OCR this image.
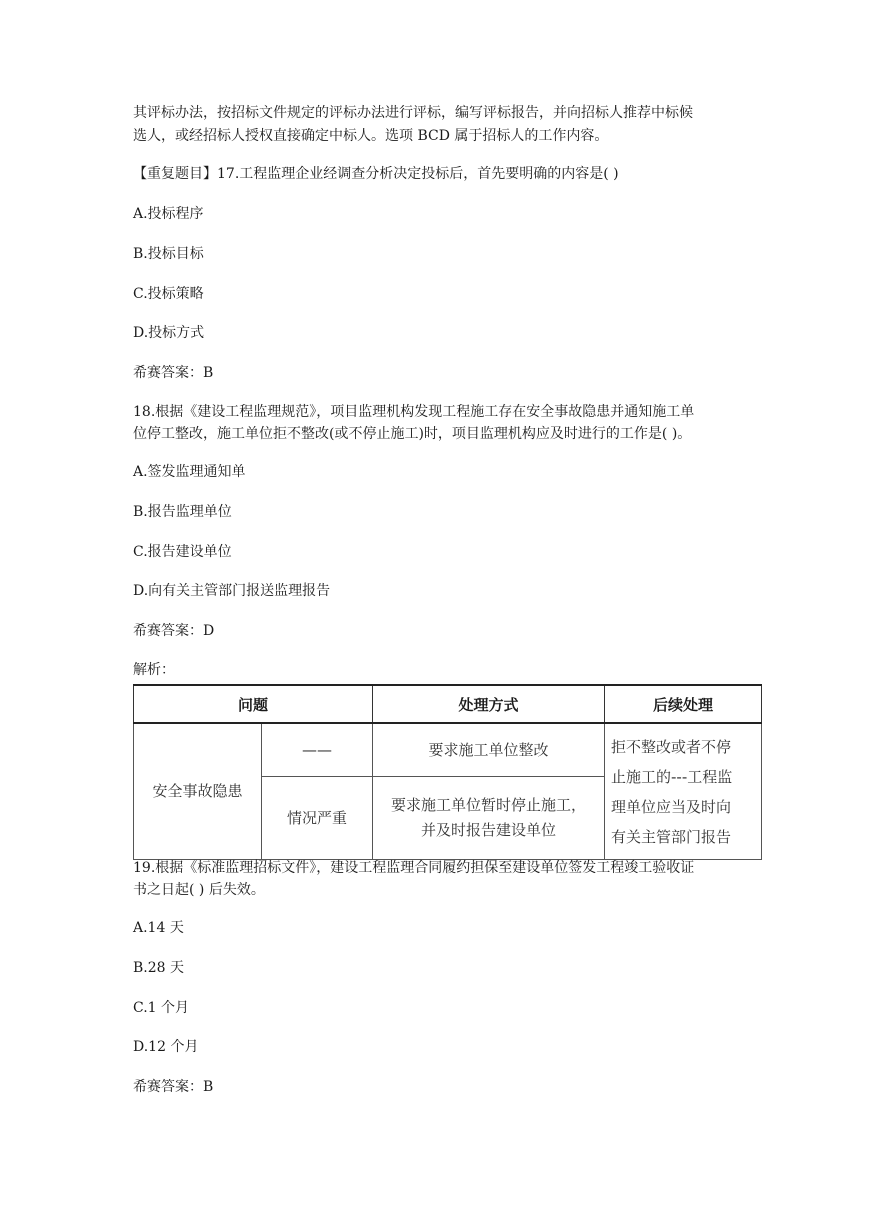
其评标办法，按招标文件规定的评标办法进行评标，编写评标报告，并向招标人推荐中标候
选人，或经招标人授权直接确定中标人。选项 BCD 属于招标人的工作内容。
【重复题目】17.工程监理企业经调查分析决定投标后，首先要明确的内容是( )
A.投标程序
B.投标目标
C.投标策略
D.投标方式
希赛答案：B
18.根据《建设工程监理规范》，项目监理机构发现工程施工存在安全事故隐患并通知施工单
位停工整改，施工单位拒不整改(或不停止施工)时，项目监理机构应及时进行的工作是( )。
A.签发监理通知单
B.报告监理单位
C.报告建设单位
D.向有关主管部门报送监理报告
希赛答案：D
解析：
问题		处理方式	后续处理
安全事故隐患	——	要求施工单位整改	拒不整改或者不停
止施工的---工程监
理单位应当及时向
有关主管部门报告

	情况严重	要求施工单位暂时停止施工，
并及时报告建设单位	
19.根据《标准监理招标文件》，建设工程监理合同履约担保至建设单位签发工程竣工验收证
书之日起( ) 后失效。
A.14 天
B.28 天
C.1 个月
D.12 个月
希赛答案：B
